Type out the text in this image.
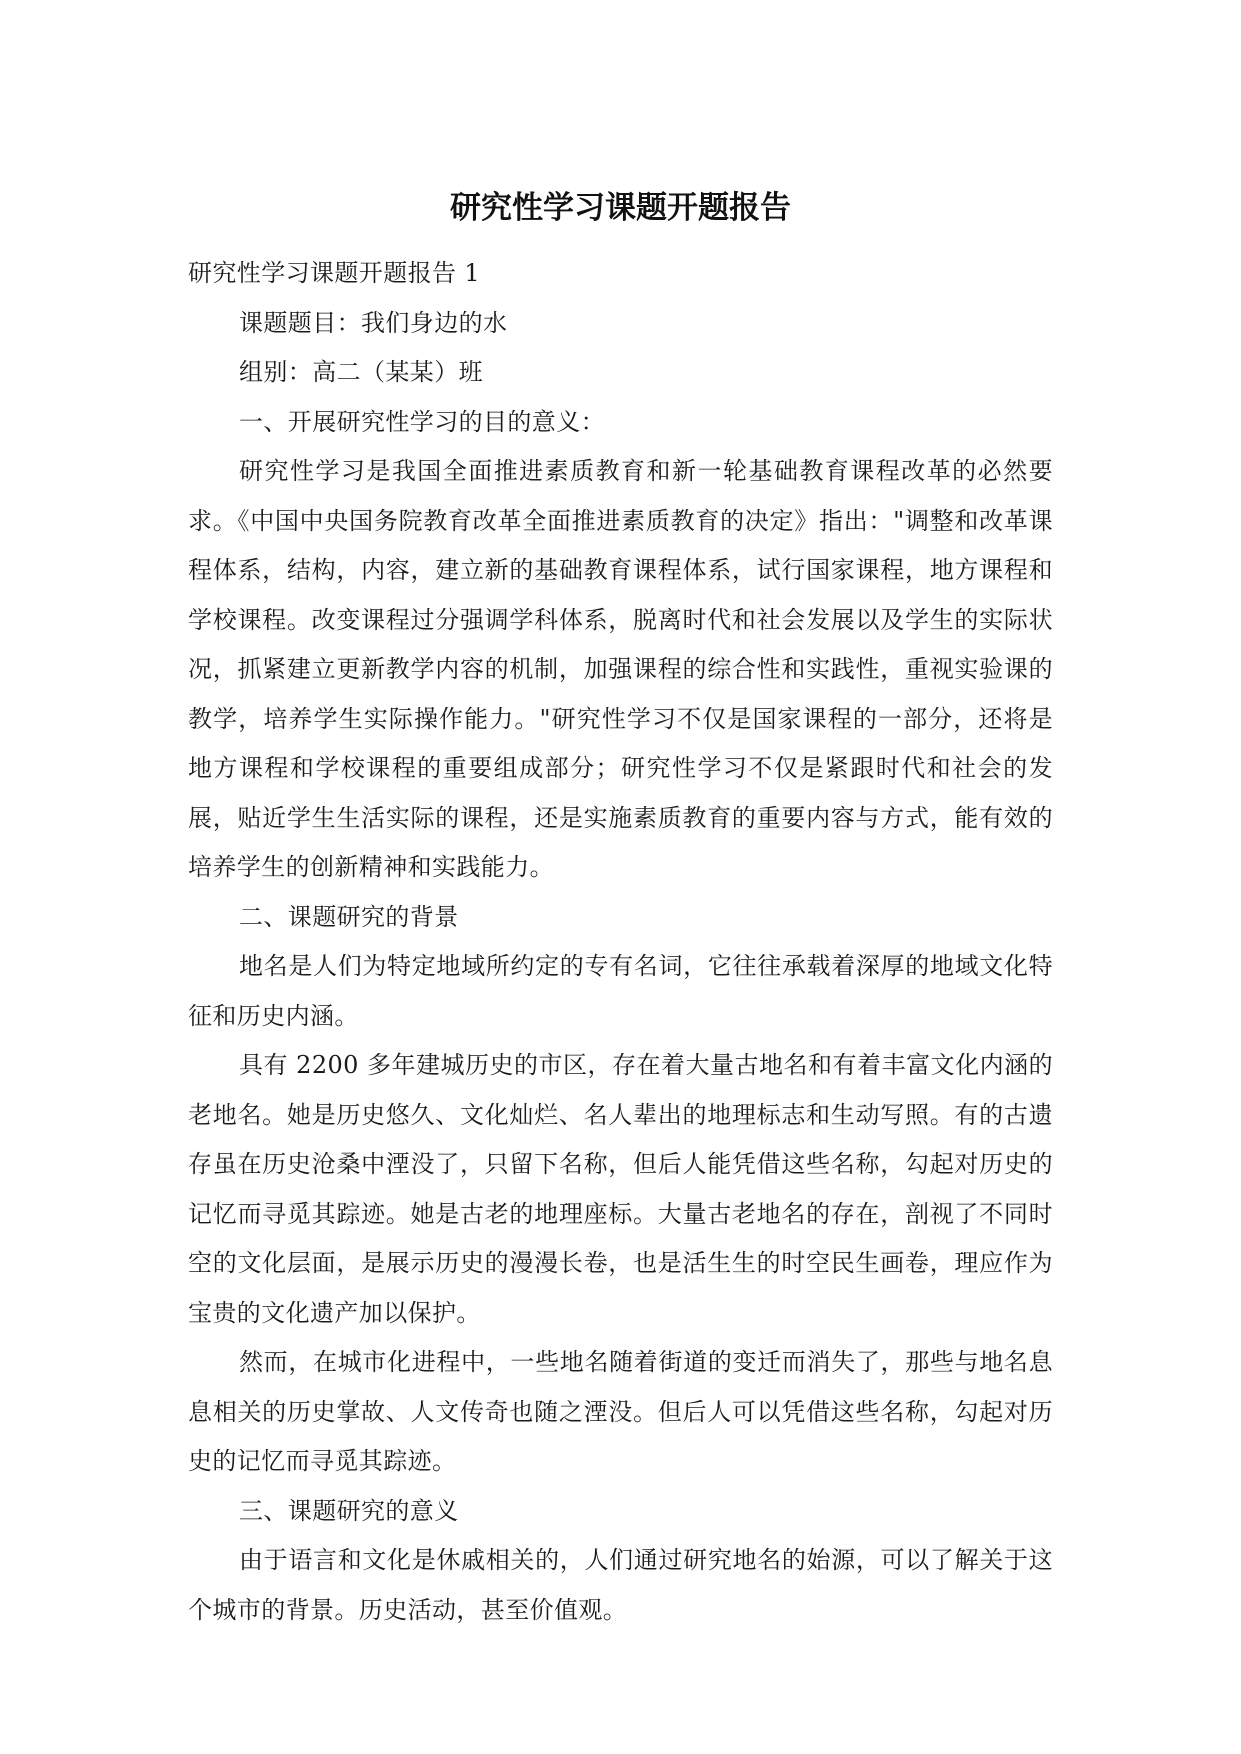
研究性学习课题开题报告

研究性学习课题开题报告 1

课题题目：我们身边的水

组别：高二（某某）班

一、开展研究性学习的目的意义：

研究性学习是我国全面推进素质教育和新一轮基础教育课程改革的必然要求。《中国中央国务院教育改革全面推进素质教育的决定》指出："调整和改革课程体系，结构，内容，建立新的基础教育课程体系，试行国家课程，地方课程和学校课程。改变课程过分强调学科体系，脱离时代和社会发展以及学生的实际状况，抓紧建立更新教学内容的机制，加强课程的综合性和实践性，重视实验课的教学，培养学生实际操作能力。"研究性学习不仅是国家课程的一部分，还将是地方课程和学校课程的重要组成部分；研究性学习不仅是紧跟时代和社会的发展，贴近学生生活实际的课程，还是实施素质教育的重要内容与方式，能有效的培养学生的创新精神和实践能力。

二、课题研究的背景

地名是人们为特定地域所约定的专有名词，它往往承载着深厚的地域文化特征和历史内涵。

具有 2200 多年建城历史的市区，存在着大量古地名和有着丰富文化内涵的老地名。她是历史悠久、文化灿烂、名人辈出的地理标志和生动写照。有的古遗存虽在历史沧桑中湮没了，只留下名称，但后人能凭借这些名称，勾起对历史的记忆而寻觅其踪迹。她是古老的地理座标。大量古老地名的存在，剖视了不同时空的文化层面，是展示历史的漫漫长卷，也是活生生的时空民生画卷，理应作为宝贵的文化遗产加以保护。

然而，在城市化进程中，一些地名随着街道的变迁而消失了，那些与地名息息相关的历史掌故、人文传奇也随之湮没。但后人可以凭借这些名称，勾起对历史的记忆而寻觅其踪迹。

三、课题研究的意义

由于语言和文化是休戚相关的，人们通过研究地名的始源，可以了解关于这个城市的背景。历史活动，甚至价值观。
